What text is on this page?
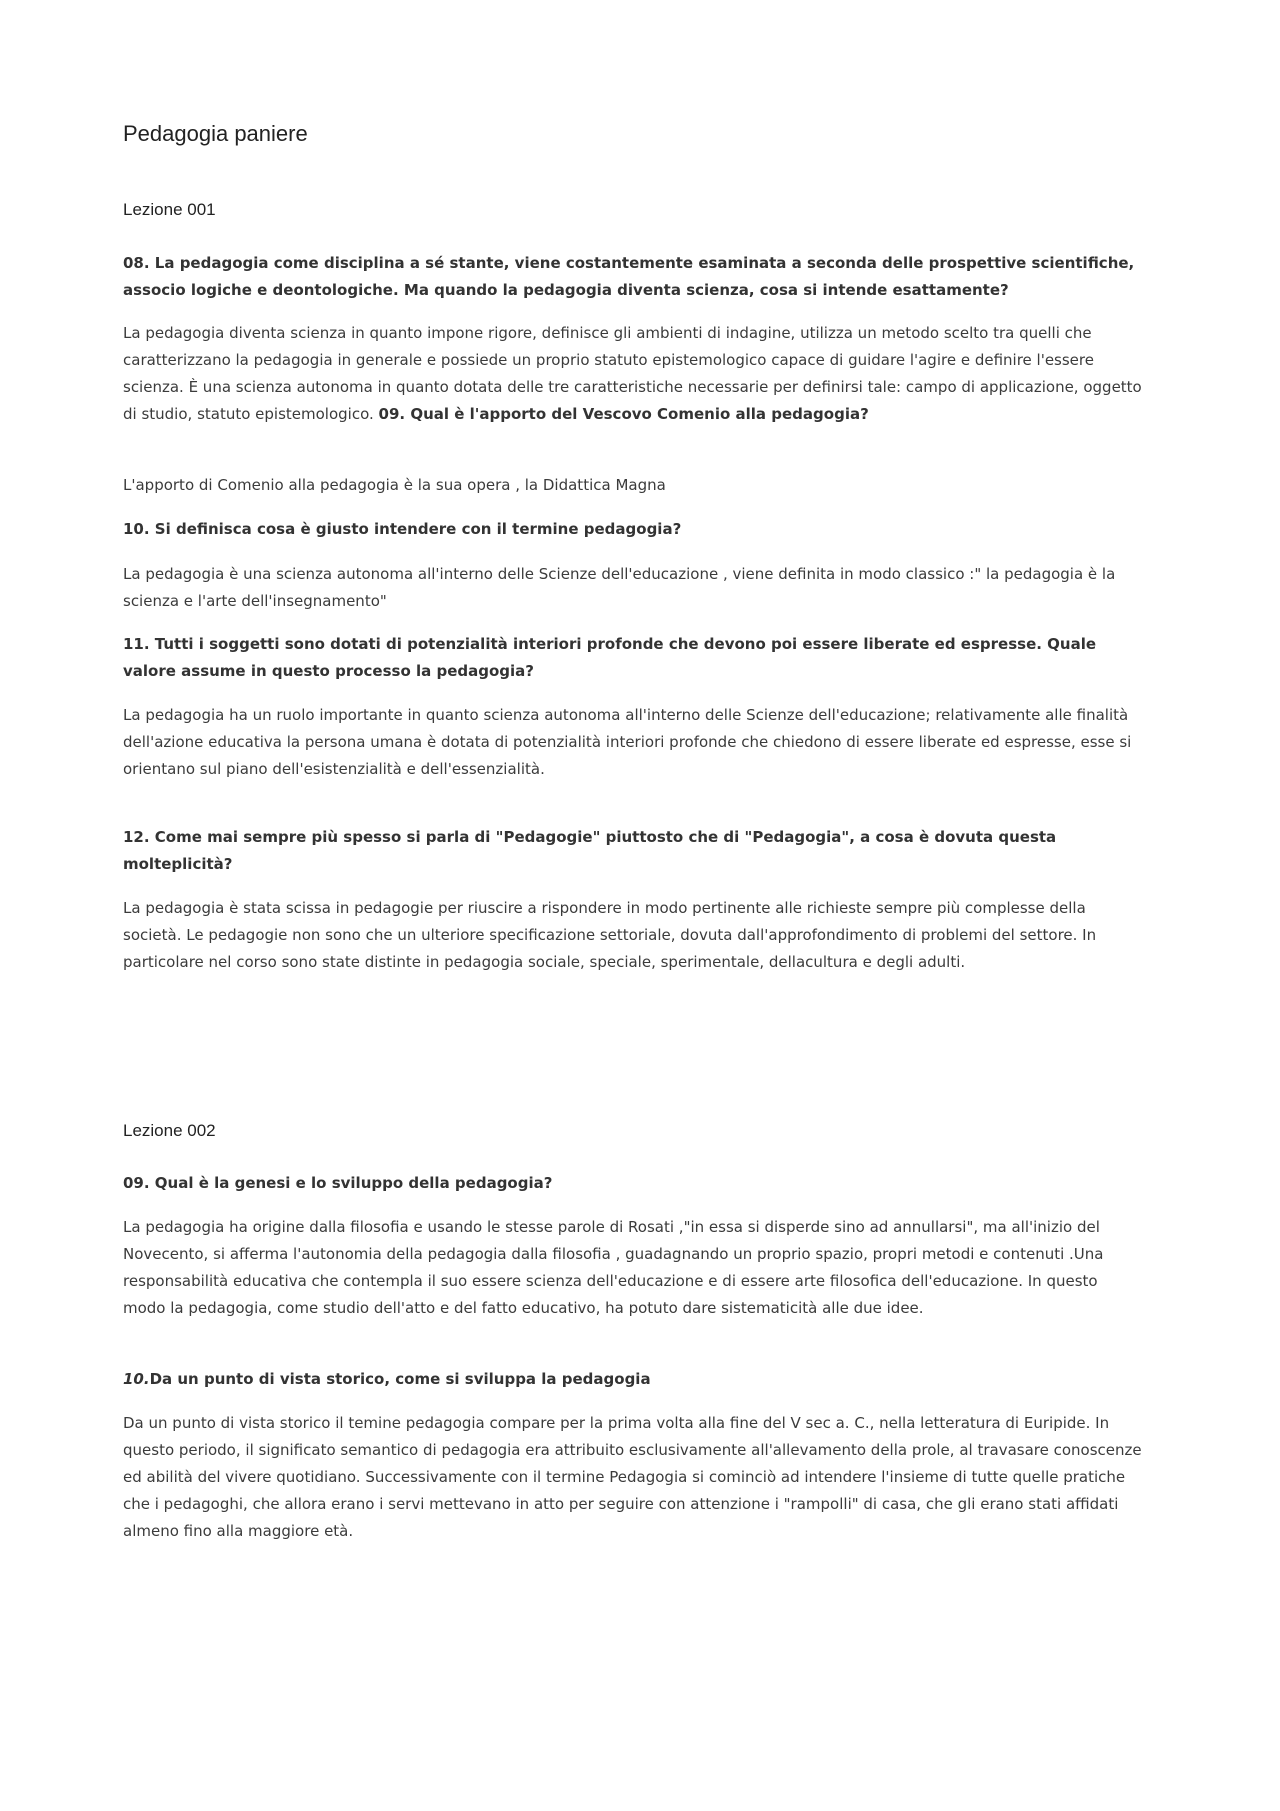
Pedagogia paniere
Lezione 001

08. La pedagogia come disciplina a sé stante, viene costantemente esaminata a seconda delle prospettive scientifiche, associo logiche e deontologiche. Ma quando la pedagogia diventa scienza, cosa si intende esattamente?

La pedagogia diventa scienza in quanto impone rigore, definisce gli ambienti di indagine, utilizza un metodo scelto tra quelli che caratterizzano la pedagogia in generale e possiede un proprio statuto epistemologico capace di guidare l'agire e definire l'essere scienza. È una scienza autonoma in quanto dotata delle tre caratteristiche necessarie per definirsi tale: campo di applicazione, oggetto di studio, statuto epistemologico. 09. Qual è l'apporto del Vescovo Comenio alla pedagogia?

L'apporto di Comenio alla pedagogia è la sua opera , la Didattica Magna

10. Si definisca cosa è giusto intendere con il termine pedagogia?

La pedagogia è una scienza autonoma all'interno delle Scienze dell'educazione , viene definita in modo classico :" la pedagogia è la scienza e l'arte dell'insegnamento"

11. Tutti i soggetti sono dotati di potenzialità interiori profonde che devono poi essere liberate ed espresse. Quale valore assume in questo processo la pedagogia?

La pedagogia ha un ruolo importante in quanto scienza autonoma all'interno delle Scienze dell'educazione; relativamente alle finalità dell'azione educativa la persona umana è dotata di potenzialità interiori profonde che chiedono di essere liberate ed espresse, esse si orientano sul piano dell'esistenzialità e dell'essenzialità.

12. Come mai sempre più spesso si parla di "Pedagogie" piuttosto che di "Pedagogia", a cosa è dovuta questa molteplicità?

La pedagogia è stata scissa in pedagogie per riuscire a rispondere in modo pertinente alle richieste sempre più complesse della società. Le pedagogie non sono che un ulteriore specificazione settoriale, dovuta dall'approfondimento di problemi del settore. In particolare nel corso sono state distinte in pedagogia sociale, speciale, sperimentale, dellacultura e degli adulti.

Lezione 002

09. Qual è la genesi e lo sviluppo della pedagogia?

La pedagogia ha origine dalla filosofia e usando le stesse parole di Rosati ,"in essa si disperde sino ad annullarsi", ma all'inizio del Novecento, si afferma l'autonomia della pedagogia dalla filosofia , guadagnando un proprio spazio, propri metodi e contenuti .Una responsabilità educativa che contempla il suo essere scienza dell'educazione e di essere arte filosofica dell'educazione. In questo modo la pedagogia, come studio dell'atto e del fatto educativo, ha potuto dare sistematicità alle due idee.

10.Da un punto di vista storico, come si sviluppa la pedagogia

Da un punto di vista storico il temine pedagogia compare per la prima volta alla fine del V sec a. C., nella letteratura di Euripide. In questo periodo, il significato semantico di pedagogia era attribuito esclusivamente all'allevamento della prole, al travasare conoscenze ed abilità del vivere quotidiano. Successivamente con il termine Pedagogia si cominciò ad intendere l'insieme di tutte quelle pratiche che i pedagoghi, che allora erano i servi mettevano in atto per seguire con attenzione i "rampolli" di casa, che gli erano stati affidati almeno fino alla maggiore età.
